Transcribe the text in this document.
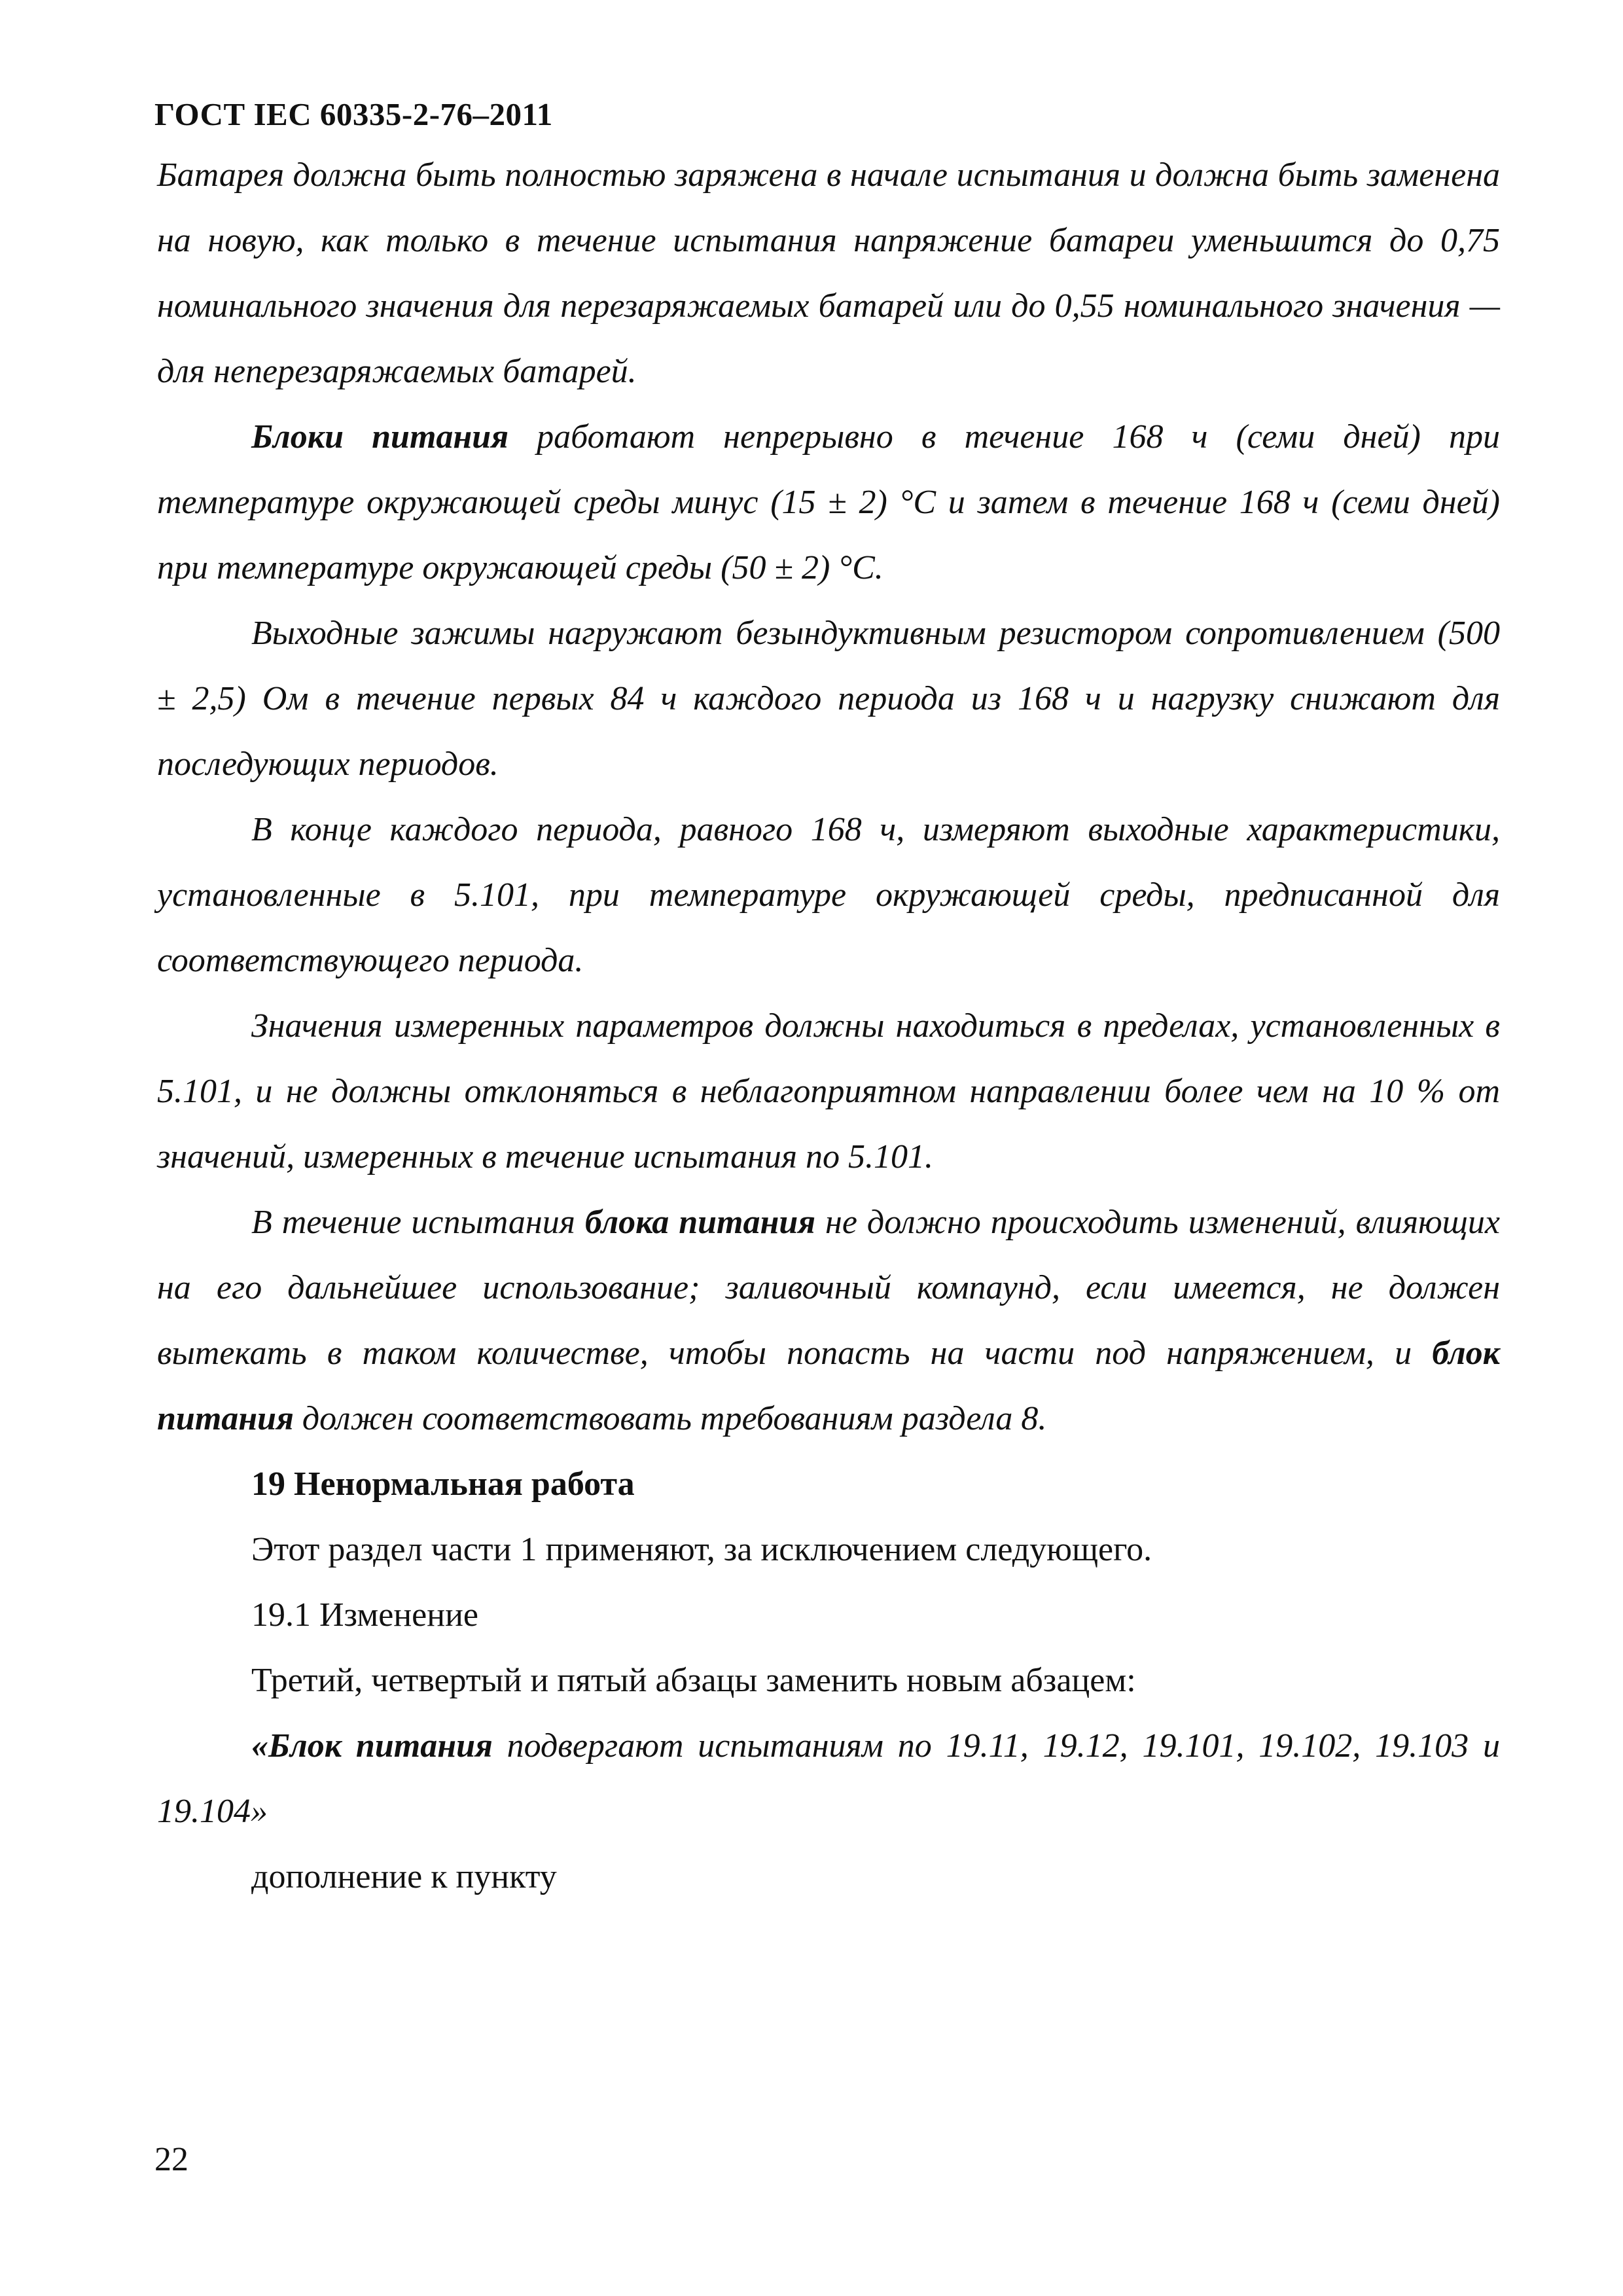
ГОСТ IEC 60335-2-76–2011

Батарея должна быть полностью заряжена в начале испытания и должна быть заменена на новую, как только в течение испытания напряжение батареи уменьшится до 0,75 номинального значения для перезаряжаемых батарей или до 0,55 номинального значения — для неперезаряжаемых батарей.

Блоки питания работают непрерывно в течение 168 ч (семи дней) при температуре окружающей среды минус (15 ± 2) °С и затем в течение 168 ч (семи дней) при температуре окружающей среды (50 ± 2) °С.

Выходные зажимы нагружают безындуктивным резистором сопротивлением (500 ± 2,5) Ом в течение первых 84 ч каждого периода из 168 ч и нагрузку снижают для последующих периодов.

В конце каждого периода, равного 168 ч, измеряют выходные характеристики, установленные в 5.101, при температуре окружающей среды, предписанной для соответствующего периода.

Значения измеренных параметров должны находиться в пределах, установленных в 5.101, и не должны отклоняться в неблагоприятном направлении более чем на 10 % от значений, измеренных в течение испытания по 5.101.

В течение испытания блока питания не должно происходить изменений, влияющих на его дальнейшее использование; заливочный компаунд, если имеется, не должен вытекать в таком количестве, чтобы попасть на части под напряжением, и блок питания должен соответствовать требованиям раздела 8.

19 Ненормальная работа

Этот раздел части 1 применяют, за исключением следующего.

19.1 Изменение

Третий, четвертый и пятый абзацы заменить новым абзацем:

«Блок питания подвергают испытаниям по 19.11, 19.12, 19.101, 19.102, 19.103 и 19.104»

дополнение к пункту

22
